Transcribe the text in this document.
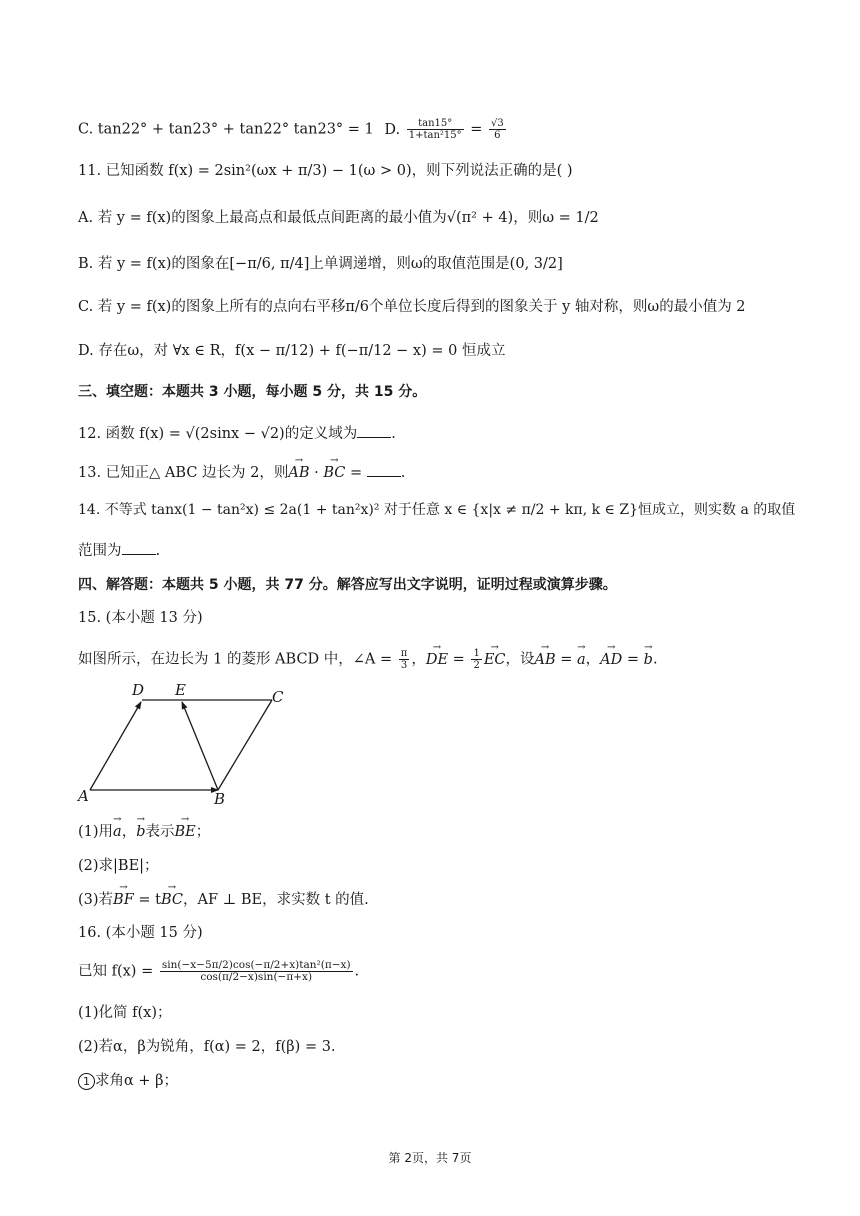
C. tan22° + tan23° + tan22° tan23° = 1 D. $\frac{\tan 15^\circ}{\text{1+tan²15°}} = \frac{√3}{6}$
11. 已知函数 f(x) = 2sin²(ωx + π/3) − 1(ω > 0)，则下列说法正确的是( )
A. 若 y = f(x)的图象上最高点和最低点间距离的最小值为√(π² + 4)，则ω = 1/2
B. 若 y = f(x)的图象在[−π/6, π/4]上单调递增，则ω的取值范围是(0, 3/2]
C. 若 y = f(x)的图象上所有的点向右平移π/6个单位长度后得到的图象关于 y 轴对称，则ω的最小值为 2
D. 存在ω，对 ∀x ∈ R，f(x − π/12) + f(−π/12 − x) = 0 恒成立
三、填空题：本题共 3 小题，每小题 5 分，共 15 分。
12. 函数 f(x) = √(2sinx − √2)的定义域为 .
13. 已知正△ ABC 边长为 2，则→ AB · → BC = .
14. 不等式 tanx(1 − tan²x) ≤ 2a(1 + tan²x)² 对于任意 x ∈ {x|x ≠ π/2 + kπ, k ∈ Z}恒成立，则实数 a 的取值
范围为 .
四、解答题：本题共 5 小题，共 77 分。解答应写出文字说明，证明过程或演算步骤。
15. (本小题 13 分)
如图所示，在边长为 1 的菱形 ABCD 中，∠A = $\frac{\pi}{3}$ ，→ DE = $\frac{1}{2}$
→ EC，设→ AB = → a，→ AD = → b.
D E	C
A	B
(1)用→ a，→ b表示→ BE；
(2)求|BE|；
(3)若→ BF = t→ BC，AF ⊥ BE，求实数 t 的值.
16. (本小题 15 分)
已知 $f(x) = \frac{\text{sin(−x−5π/2)cos(−π/2+x)tan²(π−x)}}{\cos(\pi/2-x)\sin(-\pi+x)}$ .
(1)化简 f(x)；
(2)若α，β为锐角，f(α) = 2，f(β) = 3.
1 求角α + β；
第 2页，共 7页
